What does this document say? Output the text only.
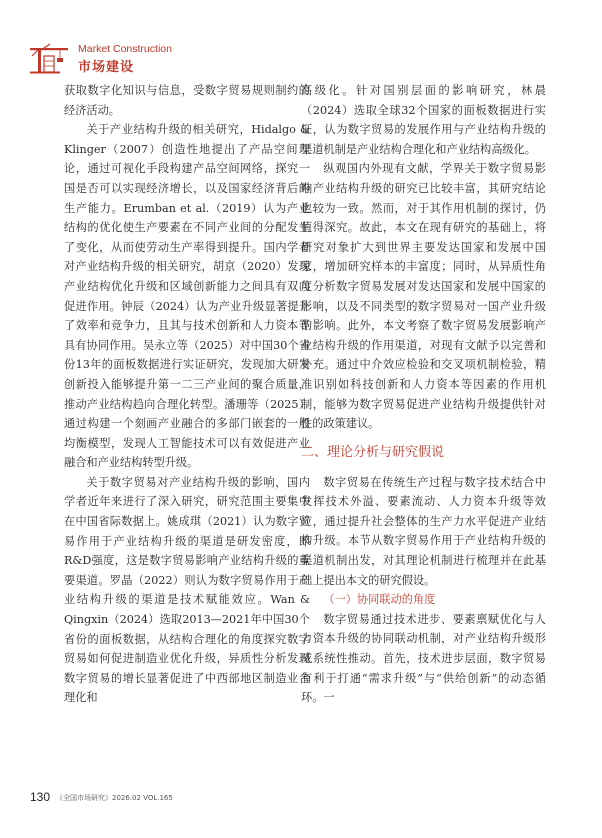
Market Construction
市场建设

获取数字化知识与信息，受数字贸易规则制约的经济活动。

关于产业结构升级的相关研究，Hidalgo & Klinger（2007）创造性地提出了产品空间理论，通过可视化手段构建产品空间网络，探究一国是否可以实现经济增长，以及国家经济背后的生产能力。Erumban et al.（2019）认为产业结构的优化使生产要素在不同产业间的分配发生了变化，从而使劳动生产率得到提升。国内学者对产业结构升级的相关研究，胡京（2020）发现产业结构优化升级和区域创新能力之间具有双向促进作用。钟辰（2024）认为产业升级显著提升了效率和竞争力，且其与技术创新和人力资本等具有协同作用。吴永立等（2025）对中国30个省份13年的面板数据进行实证研究，发现加大研发创新投入能够提升第一二三产业间的聚合质量，推动产业结构趋向合理化转型。潘珊等（2025）通过构建一个刻画产业融合的多部门嵌套的一般均衡模型，发现人工智能技术可以有效促进产业融合和产业结构转型升级。

关于数字贸易对产业结构升级的影响，国内学者近年来进行了深入研究，研究范围主要集中在中国省际数据上。姚成琪（2021）认为数字贸易作用于产业结构升级的渠道是研发密度，即R&D强度，这是数字贸易影响产业结构升级的重要渠道。罗晶（2022）则认为数字贸易作用于产业结构升级的渠道是技术赋能效应。Wan & Qingxin（2024）选取2013—2021年中国30个省份的面板数据，从结构合理化的角度探究数字贸易如何促进制造业优化升级，异质性分析发现数字贸易的增长显著促进了中西部地区制造业合理化和

高级化。针对国别层面的影响研究，林晨（2024）选取全球32个国家的面板数据进行实证，认为数字贸易的发展作用与产业结构升级的渠道机制是产业结构合理化和产业结构高级化。

纵观国内外现有文献，学界关于数字贸易影响产业结构升级的研究已比较丰富，其研究结论也较为一致。然而，对于其作用机制的探讨，仍值得深究。故此，本文在现有研究的基础上，将研究对象扩大到世界主要发达国家和发展中国家，增加研究样本的丰富度；同时，从异质性角度分析数字贸易发展对发达国家和发展中国家的影响，以及不同类型的数字贸易对一国产业升级的影响。此外，本文考察了数字贸易发展影响产业结构升级的作用渠道，对现有文献予以完善和补充。通过中介效应检验和交叉项机制检验，精准识别如科技创新和人力资本等因素的作用机制，能够为数字贸易促进产业结构升级提供针对性的政策建议。

二、理论分析与研究假说

数字贸易在传统生产过程与数字技术结合中发挥技术外溢、要素流动、人力资本升级等效应，通过提升社会整体的生产力水平促进产业结构升级。本节从数字贸易作用于产业结构升级的渠道机制出发，对其理论机制进行梳理并在此基础上提出本文的研究假设。

（一）协同联动的角度

数字贸易通过技术进步、要素禀赋优化与人力资本升级的协同联动机制，对产业结构升级形成系统性推动。首先，技术进步层面，数字贸易有利于打通“需求升级”与“供给创新”的动态循环。一

130 《全国市场研究》2026.02 VOL.165
